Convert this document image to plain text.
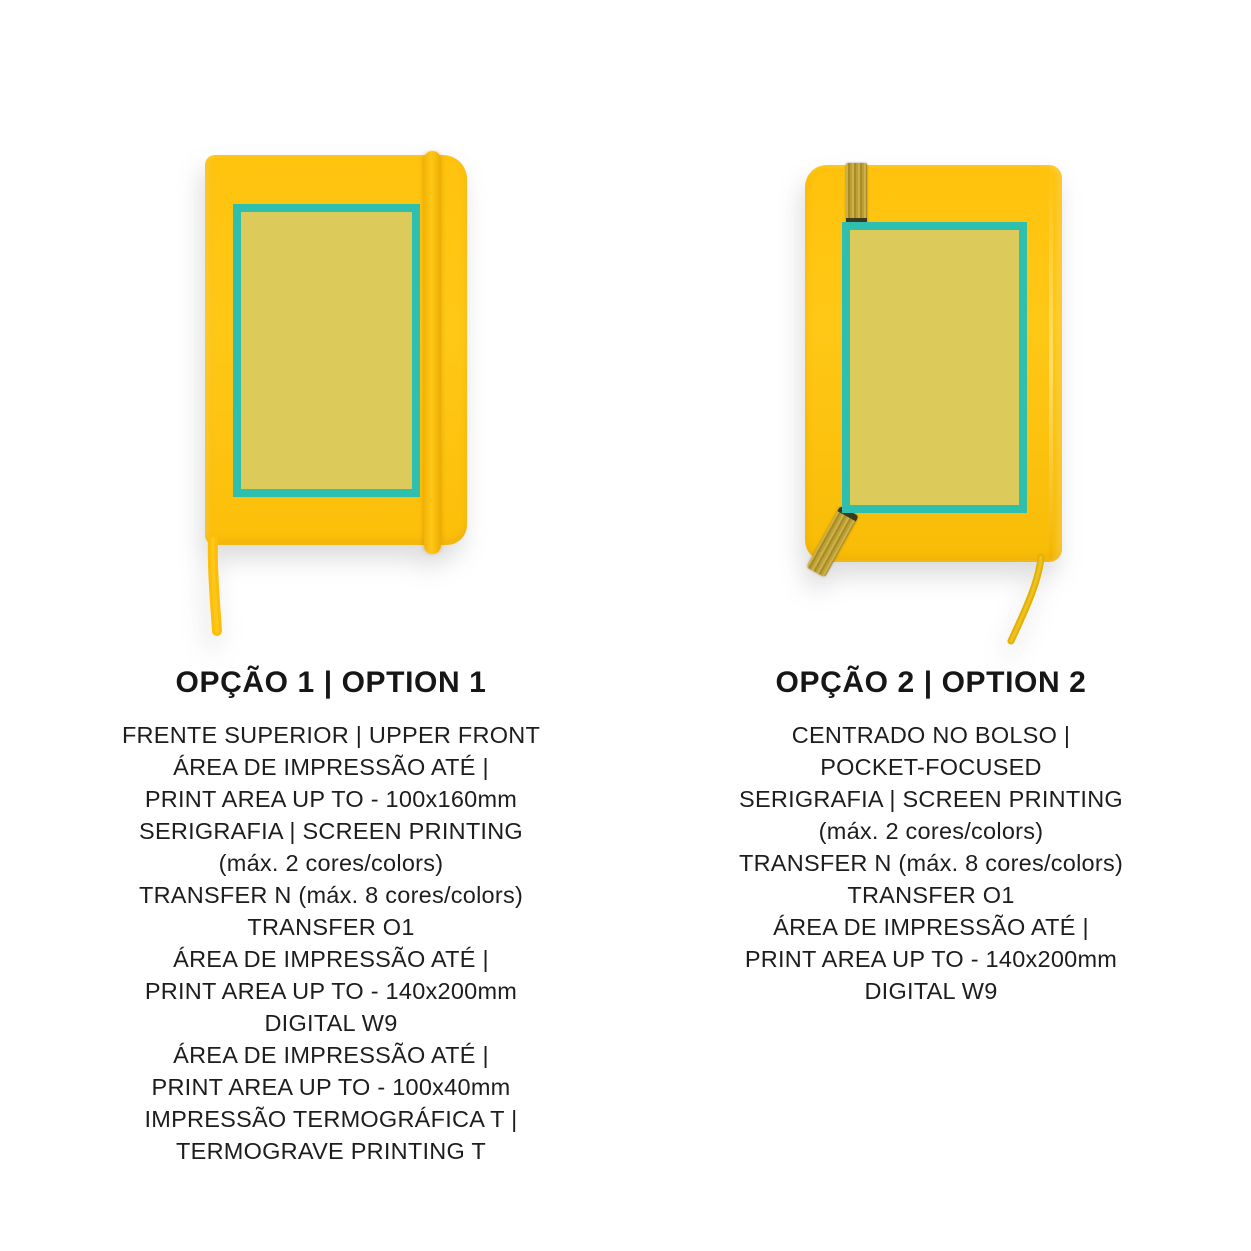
OPÇÃO 1 | OPTION 1
FRENTE SUPERIOR | UPPER FRONT
ÁREA DE IMPRESSÃO ATÉ |
PRINT AREA UP TO - 100x160mm
SERIGRAFIA | SCREEN PRINTING
(máx. 2 cores/colors)
TRANSFER N (máx. 8 cores/colors)
TRANSFER O1
ÁREA DE IMPRESSÃO ATÉ |
PRINT AREA UP TO - 140x200mm
DIGITAL W9
ÁREA DE IMPRESSÃO ATÉ |
PRINT AREA UP TO - 100x40mm
IMPRESSÃO TERMOGRÁFICA T |
TERMOGRAVE PRINTING T
OPÇÃO 2 | OPTION 2
CENTRADO NO BOLSO |
POCKET-FOCUSED
SERIGRAFIA | SCREEN PRINTING
(máx. 2 cores/colors)
TRANSFER N (máx. 8 cores/colors)
TRANSFER O1
ÁREA DE IMPRESSÃO ATÉ |
PRINT AREA UP TO - 140x200mm
DIGITAL W9
